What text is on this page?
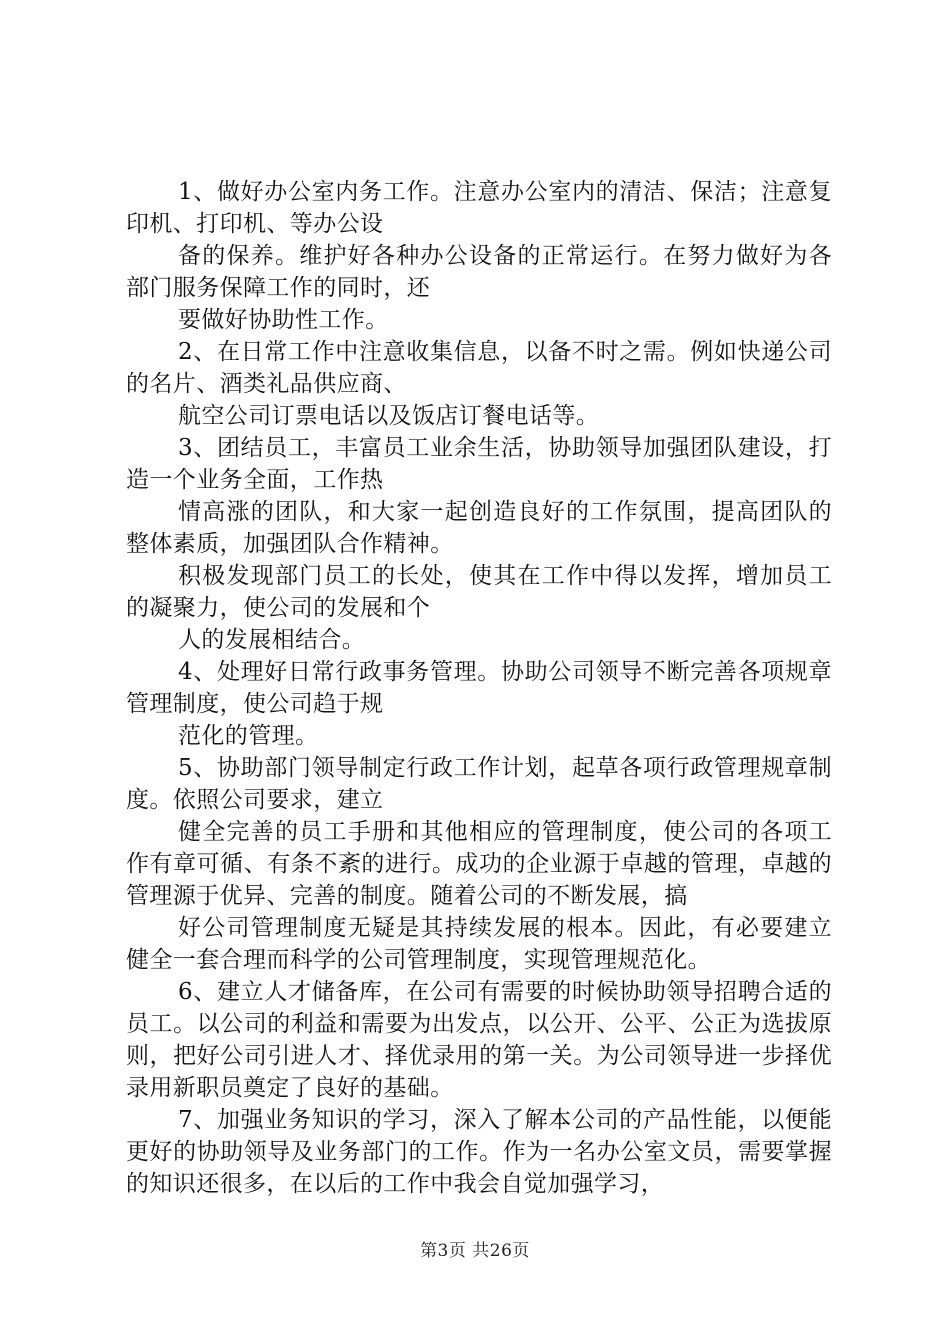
1、做好办公室内务工作。注意办公室内的清洁、保洁；注意复印机、打印机、等办公设

备的保养。维护好各种办公设备的正常运行。在努力做好为各部门服务保障工作的同时，还

要做好协助性工作。

2、在日常工作中注意收集信息，以备不时之需。例如快递公司的名片、酒类礼品供应商、

航空公司订票电话以及饭店订餐电话等。

3、团结员工，丰富员工业余生活，协助领导加强团队建设，打造一个业务全面，工作热

情高涨的团队，和大家一起创造良好的工作氛围，提高团队的整体素质，加强团队合作精神。

积极发现部门员工的长处，使其在工作中得以发挥，增加员工的凝聚力，使公司的发展和个

人的发展相结合。

4、处理好日常行政事务管理。协助公司领导不断完善各项规章管理制度，使公司趋于规

范化的管理。

5、协助部门领导制定行政工作计划，起草各项行政管理规章制度。依照公司要求，建立

健全完善的员工手册和其他相应的管理制度，使公司的各项工作有章可循、有条不紊的进行。成功的企业源于卓越的管理，卓越的管理源于优异、完善的制度。随着公司的不断发展，搞

好公司管理制度无疑是其持续发展的根本。因此，有必要建立健全一套合理而科学的公司管理制度，实现管理规范化。

6、建立人才储备库，在公司有需要的时候协助领导招聘合适的员工。以公司的利益和需要为出发点，以公开、公平、公正为选拔原则，把好公司引进人才、择优录用的第一关。为公司领导进一步择优录用新职员奠定了良好的基础。

7、加强业务知识的学习，深入了解本公司的产品性能，以便能更好的协助领导及业务部门的工作。作为一名办公室文员，需要掌握的知识还很多，在以后的工作中我会自觉加强学习，

第3页 共26页
